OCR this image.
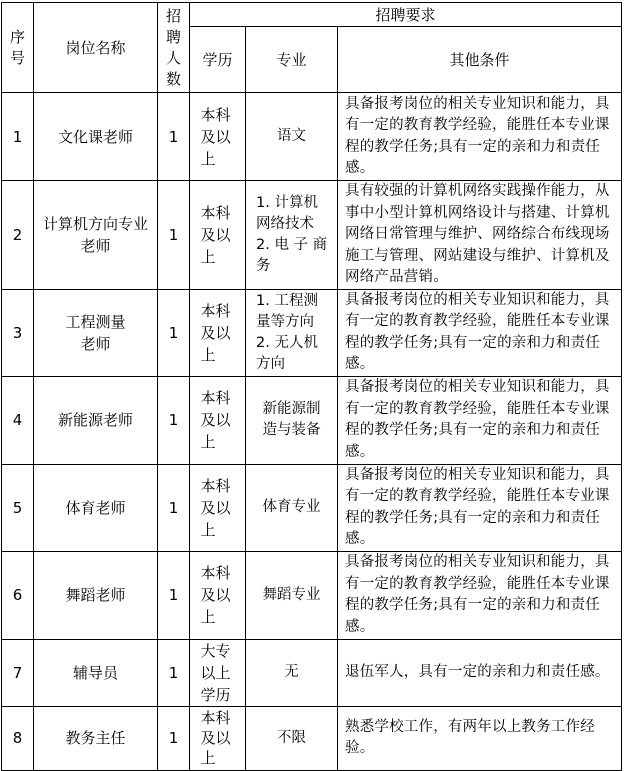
序号	岗位名称	招聘人数	招聘要求		
			学历	专业	其他条件
1	文化课老师	1	本科及以上	语文	具备报考岗位的相关专业知识和能力，具有一定的教育教学经验，能胜任本专业课程的教学任务;具有一定的亲和力和责任感。
2	计算机方向专业老师	1	本科及以上	1. 计算机网络技术 2. 电 子 商 务	具有较强的计算机网络实践操作能力，从事中小型计算机网络设计与搭建、计算机网络日常管理与维护、网络综合布线现场施工与管理、网站建设与维护、计算机及网络产品营销。
3	工程测量老师	1	本科及以上	1. 工程测量等方向 2. 无人机方向	具备报考岗位的相关专业知识和能力，具有一定的教育教学经验，能胜任本专业课程的教学任务;具有一定的亲和力和责任感。
4	新能源老师	1	本科及以上	新能源制造与装备	具备报考岗位的相关专业知识和能力，具有一定的教育教学经验，能胜任本专业课程的教学任务;具有一定的亲和力和责任感。
5	体育老师	1	本科及以上	体育专业	具备报考岗位的相关专业知识和能力，具有一定的教育教学经验，能胜任本专业课程的教学任务;具有一定的亲和力和责任感。
6	舞蹈老师	1	本科及以上	舞蹈专业	具备报考岗位的相关专业知识和能力，具有一定的教育教学经验，能胜任本专业课程的教学任务;具有一定的亲和力和责任感。
7	辅导员	1	大专以上学历	无	退伍军人，具有一定的亲和力和责任感。
8	教务主任	1	本科及以上	不限	熟悉学校工作，有两年以上教务工作经验。
